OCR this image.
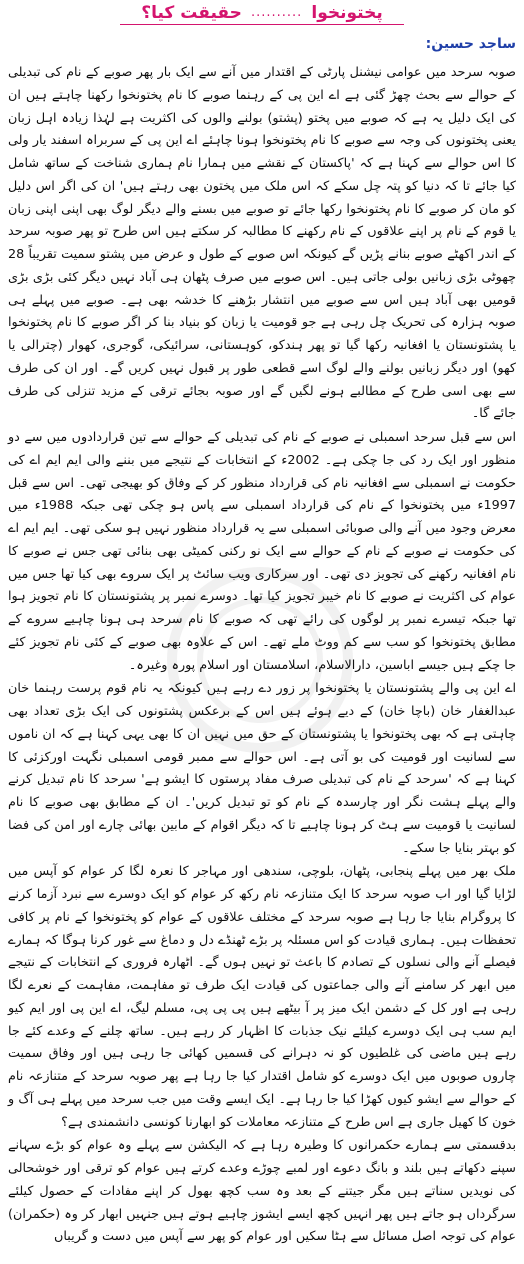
پختونخوا .......... حقیقت کیا؟
ساجد حسین:

صوبہ سرحد میں عوامی نیشنل پارٹی کے اقتدار میں آنے سے ایک بار پھر صوبے کے نام کی تبدیلی کے حوالے سے بحث چھڑ گئی ہے اے این پی کے رہنما صوبے کا نام پختونخوا رکھنا چاہتے ہیں ان کی ایک دلیل یہ ہے کہ صوبے میں پختو (پشتو) بولنے والوں کی اکثریت ہے لہٰذا زیادہ اہل زبان یعنی پختونوں کی وجہ سے صوبے کا نام پختونخوا ہونا چاہئے اے این پی کے سربراہ اسفند یار ولی کا اس حوالے سے کہنا ہے کہ 'پاکستان کے نقشے میں ہمارا نام ہماری شناخت کے ساتھ شامل کیا جائے تا کہ دنیا کو پتہ چل سکے کہ اس ملک میں پختون بھی رہتے ہیں' ان کی اگر اس دلیل کو مان کر صوبے کا نام پختونخوا رکھا جائے تو صوبے میں بسنے والے دیگر لوگ بھی اپنی اپنی زبان یا قوم کے نام پر اپنے علاقوں کے نام رکھنے کا مطالبہ کر سکتے ہیں اس طرح تو پھر صوبہ سرحد کے اندر اکھٹے صوبے بنانے پڑیں گے کیونکہ اس صوبے کے طول و عرض میں پشتو سمیت تقریباً 28 چھوٹی بڑی زبانیں بولی جاتی ہیں۔ اس صوبے میں صرف پٹھان ہی آباد نہیں دیگر کئی بڑی بڑی قومیں بھی آباد ہیں اس سے صوبے میں انتشار بڑھنے کا خدشہ بھی ہے۔ صوبے میں پہلے ہی صوبہ ہزارہ کی تحریک چل رہی ہے جو قومیت یا زبان کو بنیاد بنا کر اگر صوبے کا نام پختونخوا یا پشتونستان یا افغانیہ رکھا گیا تو پھر ہندکو، کوہستانی، سرائیکی، گوجری، کھوار (چترالی یا کھو) اور دیگر زبانیں بولنے والے لوگ اسے قطعی طور پر قبول نہیں کریں گے۔ اور ان کی طرف سے بھی اسی طرح کے مطالبے ہونے لگیں گے اور صوبہ بجائے ترقی کے مزید تنزلی کی طرف جائے گا۔

اس سے قبل سرحد اسمبلی نے صوبے کے نام کی تبدیلی کے حوالے سے تین قراردادوں میں سے دو منظور اور ایک رد کی جا چکی ہے۔ 2002ء کے انتخابات کے نتیجے میں بننے والی ایم ایم اے کی حکومت نے اسمبلی سے افغانیہ نام کی قرارداد منظور کر کے وفاق کو بھیجی تھی۔ اس سے قبل 1997ء میں پختونخوا کے نام کی قرارداد اسمبلی سے پاس ہو چکی تھی جبکہ 1988ء میں معرض وجود میں آنے والی صوبائی اسمبلی سے یہ قرارداد منظور نہیں ہو سکی تھی۔ ایم ایم اے کی حکومت نے صوبے کے نام کے حوالے سے ایک نو رکنی کمیٹی بھی بنائی تھی جس نے صوبے کا نام افغانیہ رکھنے کی تجویز دی تھی۔ اور سرکاری ویب سائٹ پر ایک سروے بھی کیا تھا جس میں عوام کی اکثریت نے صوبے کا نام خیبر تجویز کیا تھا۔ دوسرے نمبر پر پشتونستان کا نام تجویز ہوا تھا جبکہ تیسرے نمبر پر لوگوں کی رائے تھی کہ صوبے کا نام سرحد ہی ہونا چاہیے سروے کے مطابق پختونخوا کو سب سے کم ووٹ ملے تھے۔ اس کے علاوہ بھی صوبے کے کئی نام تجویز کئے جا چکے ہیں جیسے اباسین، دارالاسلام، اسلامستان اور اسلام پورہ وغیرہ۔

اے این پی والے پشتونستان یا پختونخوا پر زور دے رہے ہیں کیونکہ یہ نام قوم پرست رہنما خان عبدالغفار خان (باچا خان) کے دیے ہوئے ہیں اس کے برعکس پشتونوں کی ایک بڑی تعداد بھی چاہتی ہے کہ بھی پختونخوا یا پشتونستان کے حق میں نہیں ان کا بھی یہی کہنا ہے کہ ان ناموں سے لسانیت اور قومیت کی بو آتی ہے۔ اس حوالے سے ممبر قومی اسمبلی نگہت اورکزئی کا کہنا ہے کہ 'سرحد کے نام کی تبدیلی صرف مفاد پرستوں کا ایشو ہے' سرحد کا نام تبدیل کرنے والے پہلے ہشت نگر اور چارسدہ کے نام کو تو تبدیل کریں'۔ ان کے مطابق بھی صوبے کا نام لسانیت یا قومیت سے ہٹ کر ہونا چاہیے تا کہ دیگر اقوام کے مابین بھائی چارے اور امن کی فضا کو بہتر بنایا جا سکے۔

ملک بھر میں پہلے پنجابی، پٹھان، بلوچی، سندھی اور مہاجر کا نعرہ لگا کر عوام کو آپس میں لڑایا گیا اور اب صوبہ سرحد کا ایک متنازعہ نام رکھ کر عوام کو ایک دوسرے سے نبرد آزما کرنے کا پروگرام بنایا جا رہا ہے صوبہ سرحد کے مختلف علاقوں کے عوام کو پختونخوا کے نام پر کافی تحفظات ہیں۔ ہماری قیادت کو اس مسئلہ پر بڑے ٹھنڈے دل و دماغ سے غور کرنا ہوگا کہ ہمارے فیصلے آنے والی نسلوں کے تصادم کا باعث تو نہیں ہوں گے۔ اٹھارہ فروری کے انتخابات کے نتیجے میں ابھر کر سامنے آنے والی جماعتوں کی قیادت ایک طرف تو مفاہمت، مفاہمت کے نعرے لگا رہی ہے اور کل کے دشمن ایک میز پر آ بیٹھے ہیں پی پی پی، مسلم لیگ، اے این پی اور ایم کیو ایم سب ہی ایک دوسرے کیلئے نیک جذبات کا اظہار کر رہے ہیں۔ ساتھ چلنے کے وعدے کئے جا رہے ہیں ماضی کی غلطیوں کو نہ دہرانے کی قسمیں کھائی جا رہی ہیں اور وفاق سمیت چاروں صوبوں میں ایک دوسرے کو شامل اقتدار کیا جا رہا ہے پھر صوبہ سرحد کے متنازعہ نام کے حوالے سے ایشو کیوں کھڑا کیا جا رہا ہے۔ ایک ایسے وقت میں جب سرحد میں پہلے ہی آگ و خون کا کھیل جاری ہے اس طرح کے متنازعہ معاملات کو ابھارنا کونسی دانشمندی ہے؟

بدقسمتی سے ہمارے حکمرانوں کا وطیرہ رہا ہے کہ الیکشن سے پہلے وہ عوام کو بڑے سہانے سپنے دکھاتے ہیں بلند و بانگ دعوے اور لمبے چوڑے وعدے کرتے ہیں عوام کو ترقی اور خوشحالی کی نویدیں سناتے ہیں مگر جیتنے کے بعد وہ سب کچھ بھول کر اپنے مفادات کے حصول کیلئے سرگرداں ہو جاتے ہیں پھر انہیں کچھ ایسے ایشوز چاہیے ہوتے ہیں جنہیں ابھار کر وہ (حکمران) عوام کی توجہ اصل مسائل سے ہٹا سکیں اور عوام کو پھر سے آپس میں دست و گریباں
